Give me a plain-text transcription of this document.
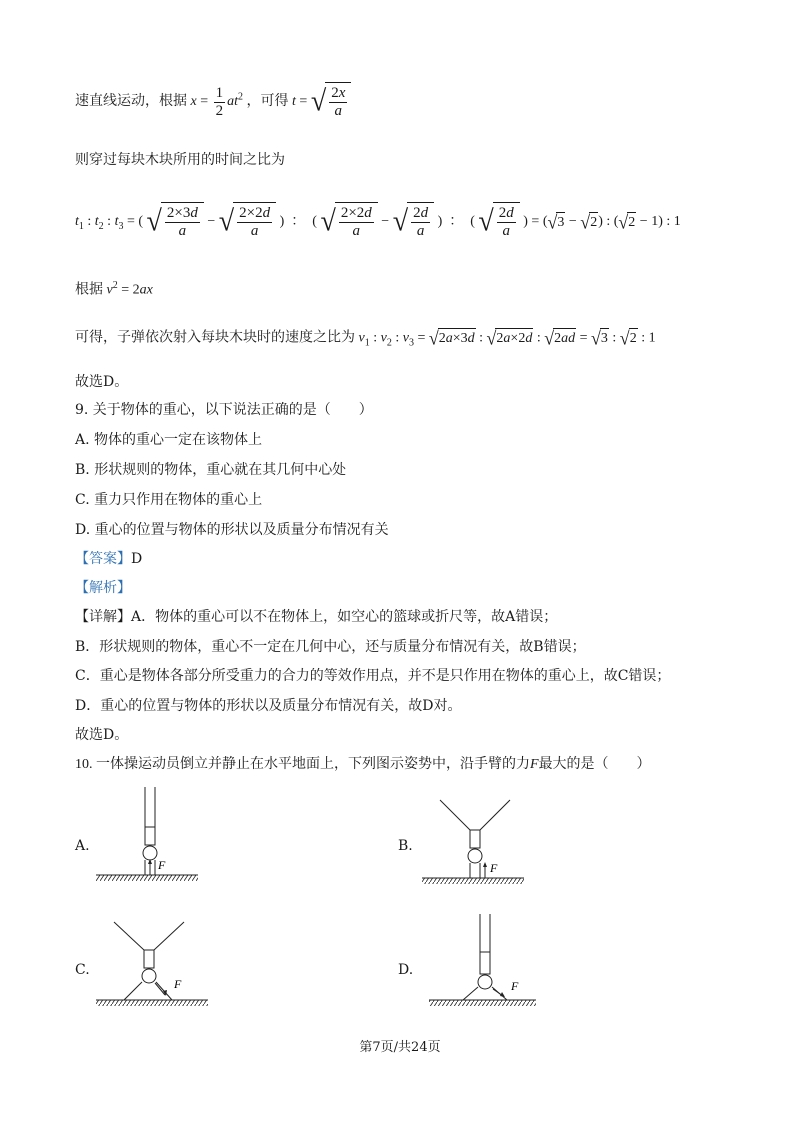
速直线运动，根据 $x = \frac{1}{2} at^2$ ，可得 t = √ $\frac{2x}{a}$
则穿过每块木块所用的时间之比为
$t_1$ : $t_2$ : $t_3$ = ( √ $\frac{2\times 3d}{a}$ − √ $\frac{2\times 2d}{a}$ )  ：  ( √ $\frac{2\times 2d}{a}$ − √ $\frac{2d}{a}$ )  ：  ( √ $\frac{2d}{a}$ ) = ( √ 3 − √ 2 ) : ( √ 2 − 1) : 1
根据 $v^2 = 2ax$
可得，子弹依次射入每块木块时的速度之比为 $v_1$ : $v_2$ : $v_3$ = √ 2 a ×3 d : √ 2 a ×2 d : √ 2 ad = √ 3 : √ 2 : 1
故选D。
9. 关于物体的重心，以下说法正确的是（　　）
A. 物体的重心一定在该物体上
B. 形状规则的物体，重心就在其几何中心处
C. 重力只作用在物体的重心上
D. 重心的位置与物体的形状以及质量分布情况有关
【答案】D
【解析】
【详解】A．物体的重心可以不在物体上，如空心的篮球或折尺等，故A错误；
B．形状规则的物体，重心不一定在几何中心，还与质量分布情况有关，故B错误；
C．重心是物体各部分所受重力的合力的等效作用点，并不是只作用在物体的重心上，故C错误；
D．重心的位置与物体的形状以及质量分布情况有关，故D对。
故选D。
10. 一体操运动员倒立并静止在水平地面上，下列图示姿势中，沿手臂的力F最大的是（　　）
A.	B.
C.	D.
F	F
F	F
第7页/共24页
